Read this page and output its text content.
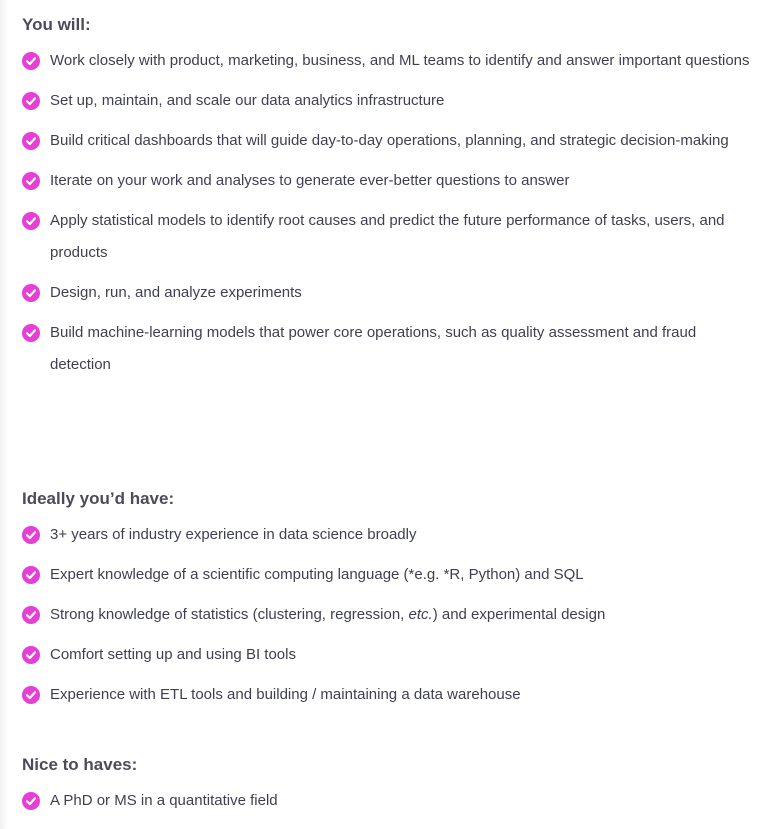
You will:
Work closely with product, marketing, business, and ML teams to identify and answer important questions
Set up, maintain, and scale our data analytics infrastructure
Build critical dashboards that will guide day-to-day operations, planning, and strategic decision-making
Iterate on your work and analyses to generate ever-better questions to answer
Apply statistical models to identify root causes and predict the future performance of tasks, users, and products
Design, run, and analyze experiments
Build machine-learning models that power core operations, such as quality assessment and fraud detection
Ideally you’d have:
3+ years of industry experience in data science broadly
Expert knowledge of a scientific computing language (*e.g. *R, Python) and SQL
Strong knowledge of statistics (clustering, regression, etc.) and experimental design
Comfort setting up and using BI tools
Experience with ETL tools and building / maintaining a data warehouse
Nice to haves:
A PhD or MS in a quantitative field
